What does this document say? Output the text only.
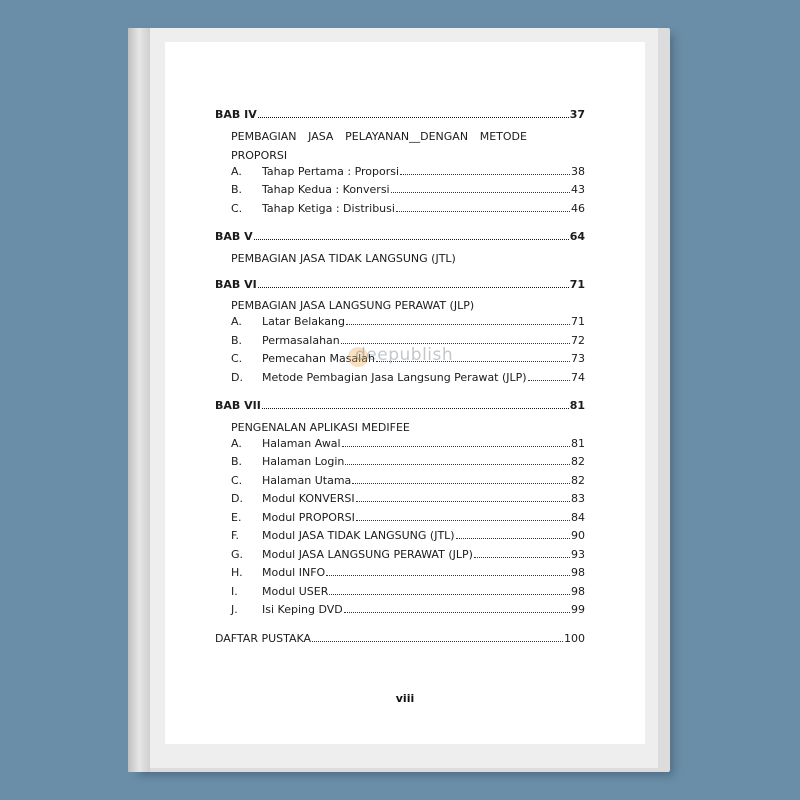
BAB IV	37
PEMBAGIAN JASA PELAYANAN__DENGAN METODE
PROPORSI
A.	Tahap Pertama : Proporsi	38
B.	Tahap Kedua : Konversi	43
C.	Tahap Ketiga : Distribusi	46
BAB V	64
PEMBAGIAN JASA TIDAK LANGSUNG (JTL)
BAB VI	71
PEMBAGIAN JASA LANGSUNG PERAWAT (JLP)
A.	Latar Belakang	71
B.	Permasalahan	72
C.	Pemecahan Masalah	73
D.	Metode Pembagian Jasa Langsung Perawat (JLP)	74
BAB VII	81
PENGENALAN APLIKASI MEDIFEE
A.	Halaman Awal	81
B.	Halaman Login	82
C.	Halaman Utama	82
D.	Modul KONVERSI	83
E.	Modul PROPORSI	84
F.	Modul JASA TIDAK LANGSUNG (JTL)	90
G.	Modul JASA LANGSUNG PERAWAT (JLP)	93
H.	Modul INFO	98
I.	Modul USER	98
J.	Isi Keping DVD	99
DAFTAR PUSTAKA	100
viii
deepublish
